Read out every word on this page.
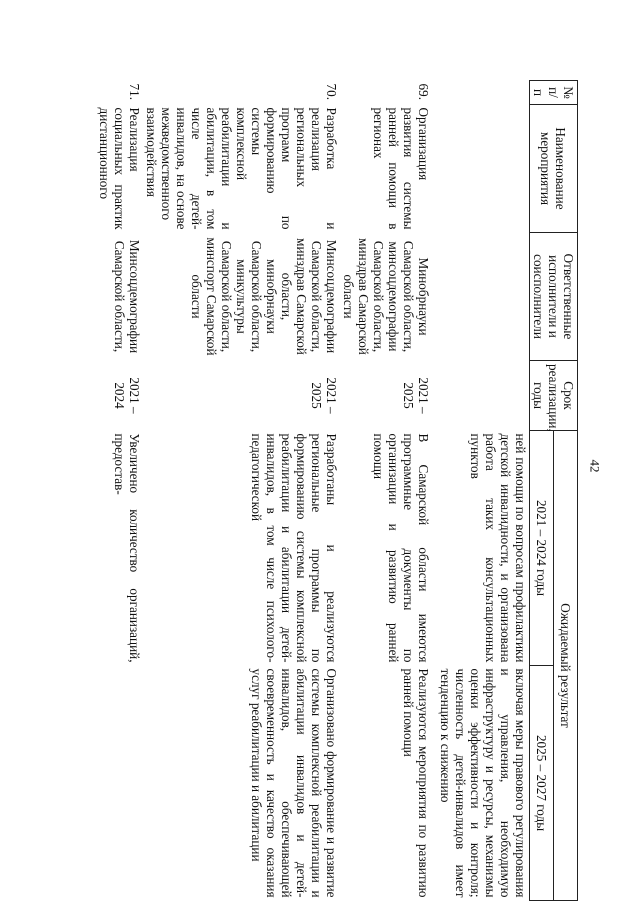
42
№ п/п	Наименование мероприятия	Ответственные исполнители и соисполнители	Срок реализации, годы	Ожидаемый результат	
				2021 – 2024 годы	2025 – 2027 годы
				ней помощи по вопросам профилактики детской инвалидности, и организована работа таких консультационных пунктов	включая меры правового регулирования и управления, необходимую инфраструктуру и ресурсы, механизмы оценки эффективности и контроля; численность детей-инвалидов имеет тенденцию к снижению
69.	Организация развития системы ранней помощи в регионах	Минобрнауки Самарской области, минсоцдемографии Самарской области, минздрав Самарской области	2021 – 2025	В Самарской области имеются программные документы по организации и развитию ранней помощи	Реализуются мероприятия по развитию ранней помощи
70.	Разработка и реализация региональных программ по формированию системы комплексной реабилитации и абилитации, в том числе детей-инвалидов, на основе межведомственного взаимодействия	Минсоцдемографии Самарской области, минздрав Самарской области, минобрнауки Самарской области, минкультуры Самарской области, минспорт Самарской области	2021 – 2025	Разработаны и реализуются региональные программы по формированию системы комплексной реабилитации и абилитации детей-инвалидов, в том числе психолого-педагогической	Организовано формирование и развитие системы комплексной реабилитации и абилитации инвалидов и детей-инвалидов, обеспечивающей своевременность и качество оказания услуг реабилитации и абилитации
71.	Реализация социальных практик дистанционного	Минсоцдемографии Самарской области,	2021 – 2024	Увеличено количество организаций, предостав-	
